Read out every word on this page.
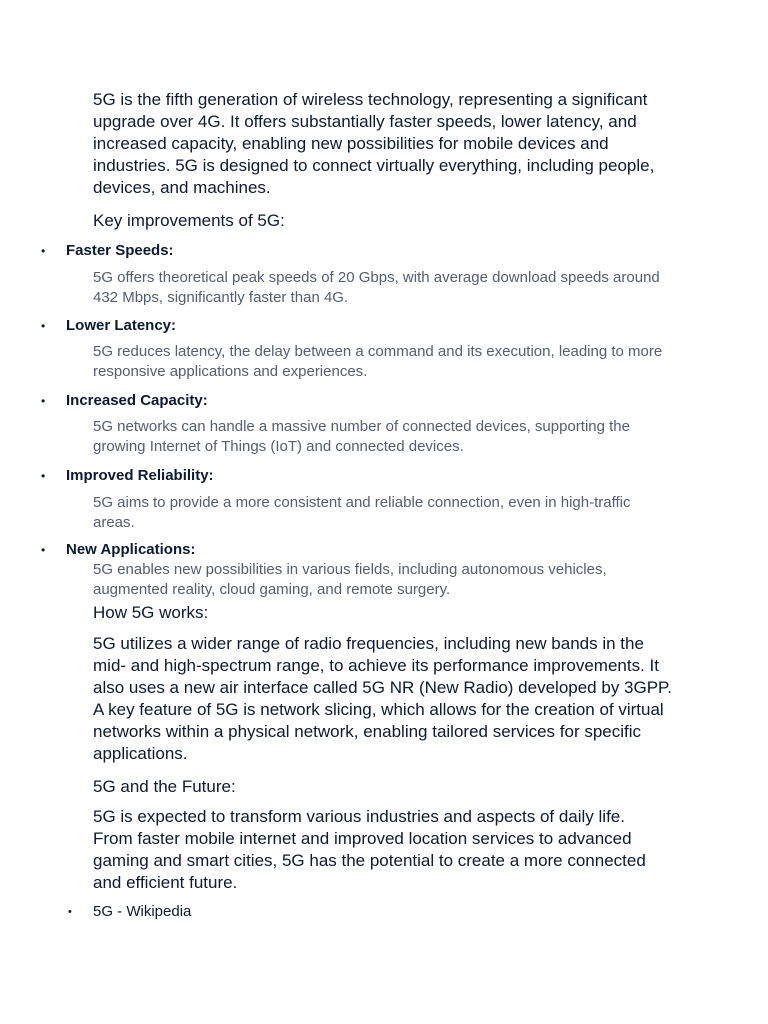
5G is the fifth generation of wireless technology, representing a significant upgrade over 4G. It offers substantially faster speeds, lower latency, and increased capacity, enabling new possibilities for mobile devices and industries. 5G is designed to connect virtually everything, including people, devices, and machines.

Key improvements of 5G:
• Faster Speeds:
5G offers theoretical peak speeds of 20 Gbps, with average download speeds around 432 Mbps, significantly faster than 4G.
• Lower Latency:
5G reduces latency, the delay between a command and its execution, leading to more responsive applications and experiences.
• Increased Capacity:
5G networks can handle a massive number of connected devices, supporting the growing Internet of Things (IoT) and connected devices.
• Improved Reliability:
5G aims to provide a more consistent and reliable connection, even in high-traffic areas.
• New Applications:
5G enables new possibilities in various fields, including autonomous vehicles, augmented reality, cloud gaming, and remote surgery.
How 5G works:

5G utilizes a wider range of radio frequencies, including new bands in the mid- and high-spectrum range, to achieve its performance improvements. It also uses a new air interface called 5G NR (New Radio) developed by 3GPP. A key feature of 5G is network slicing, which allows for the creation of virtual networks within a physical network, enabling tailored services for specific applications.

5G and the Future:

5G is expected to transform various industries and aspects of daily life. From faster mobile internet and improved location services to advanced gaming and smart cities, 5G has the potential to create a more connected and efficient future.

• 5G - Wikipedia
